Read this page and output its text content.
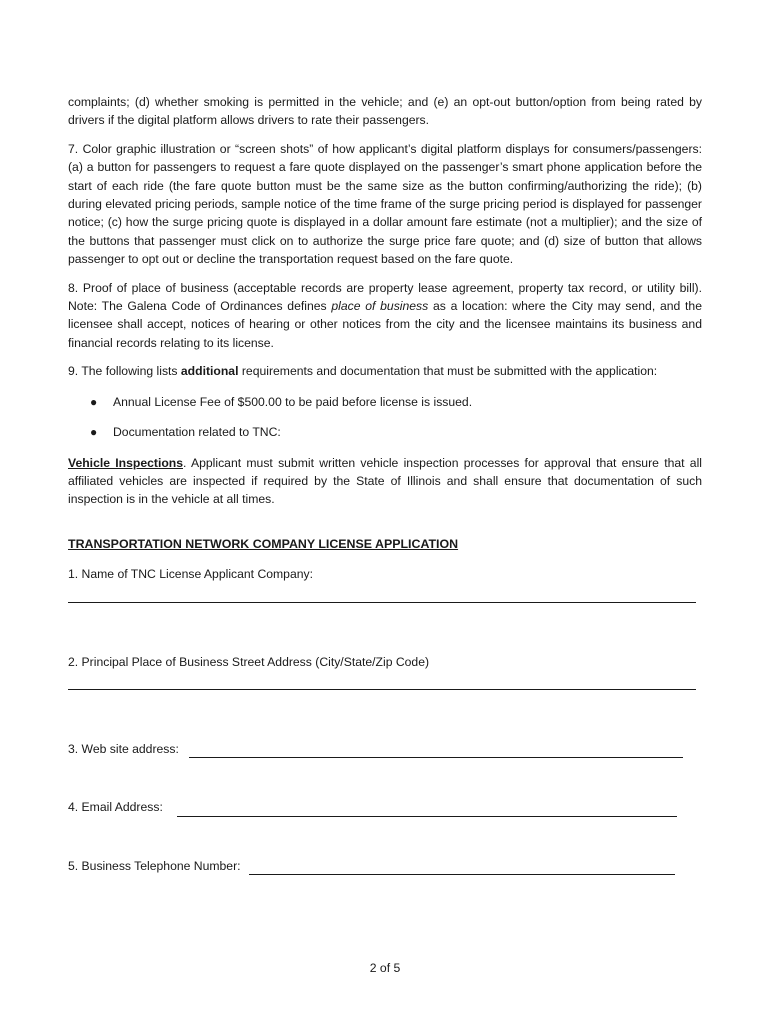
complaints; (d) whether smoking is permitted in the vehicle; and (e) an opt-out button/option from being rated by drivers if the digital platform allows drivers to rate their passengers.

7. Color graphic illustration or “screen shots” of how applicant’s digital platform displays for consumers/passengers: (a) a button for passengers to request a fare quote displayed on the passenger’s smart phone application before the start of each ride (the fare quote button must be the same size as the button confirming/authorizing the ride); (b) during elevated pricing periods, sample notice of the time frame of the surge pricing period is displayed for passenger notice; (c) how the surge pricing quote is displayed in a dollar amount fare estimate (not a multiplier); and the size of the buttons that passenger must click on to authorize the surge price fare quote; and (d) size of button that allows passenger to opt out or decline the transportation request based on the fare quote.

8. Proof of place of business (acceptable records are property lease agreement, property tax record, or utility bill). Note: The Galena Code of Ordinances defines place of business as a location: where the City may send, and the licensee shall accept, notices of hearing or other notices from the city and the licensee maintains its business and financial records relating to its license.

9. The following lists additional requirements and documentation that must be submitted with the application:

● Annual License Fee of $500.00 to be paid before license is issued.
● Documentation related to TNC:

Vehicle Inspections. Applicant must submit written vehicle inspection processes for approval that ensure that all affiliated vehicles are inspected if required by the State of Illinois and shall ensure that documentation of such inspection is in the vehicle at all times.

TRANSPORTATION NETWORK COMPANY LICENSE APPLICATION
1. Name of TNC License Applicant Company:
2. Principal Place of Business Street Address (City/State/Zip Code)
3. Web site address:
4. Email Address:
5. Business Telephone Number:
2 of 5
